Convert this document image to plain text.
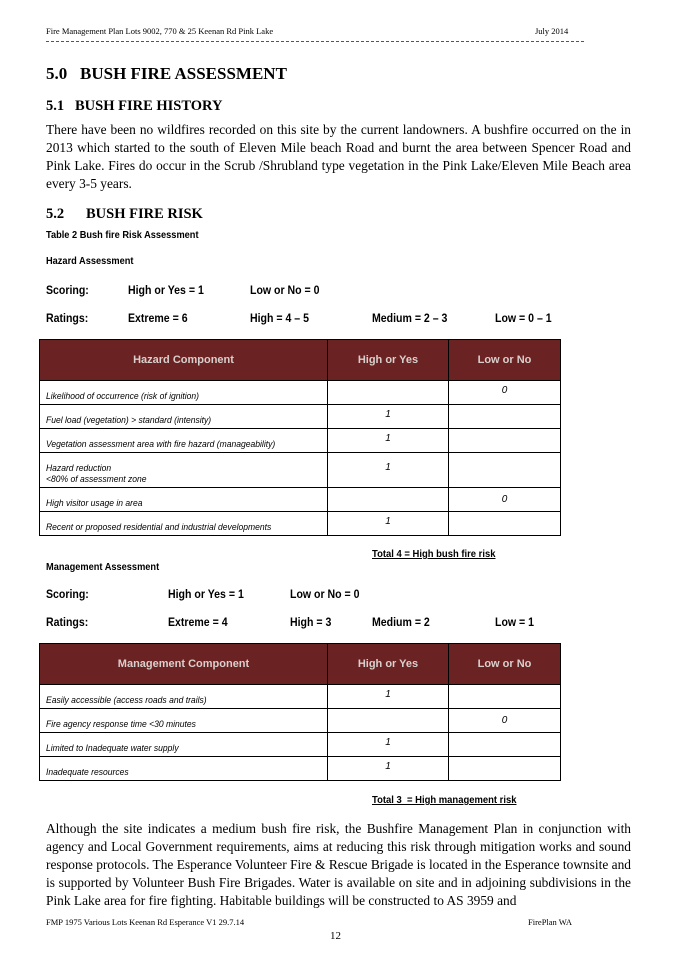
Fire Management Plan Lots 9002, 770 & 25 Keenan Rd Pink Lake	July 2014
5.0   BUSH FIRE ASSESSMENT
5.1   BUSH FIRE HISTORY

There have been no wildfires recorded on this site by the current landowners. A bushfire occurred on the in 2013 which started to the south of Eleven Mile beach Road and burnt the area between Spencer Road and Pink Lake. Fires do occur in the Scrub /Shrubland type vegetation in the Pink Lake/Eleven Mile Beach area every 3-5 years.

5.2 BUSH FIRE RISK
Table 2 Bush fire Risk Assessment
Hazard Assessment
Scoring:	High or Yes = 1	Low or No = 0
Ratings:	Extreme = 6	High = 4 – 5	Medium = 2 – 3	Low = 0 – 1
Hazard Component	High or Yes	Low or No
Likelihood of occurrence (risk of ignition)		0
Fuel load (vegetation) > standard (intensity)	1	
Vegetation assessment area with fire hazard (manageability)	1	
Hazard reduction
<80% of assessment zone	1	
High visitor usage in area		0
Recent or proposed residential and industrial developments	1	
Total 4 = High bush fire risk
Management Assessment
Scoring:	High or Yes = 1	Low or No = 0
Ratings:	Extreme = 4	High = 3	Medium = 2	Low = 1
Management Component	High or Yes	Low or No
Easily accessible (access roads and trails)	1	
Fire agency response time <30 minutes		0
Limited to Inadequate water supply	1	
Inadequate resources	1	
Total 3  = High management risk

Although the site indicates a medium bush fire risk, the Bushfire Management Plan in conjunction with agency and Local Government requirements, aims at reducing this risk through mitigation works and sound response protocols. The Esperance Volunteer Fire & Rescue Brigade is located in the Esperance townsite and is supported by Volunteer Bush Fire Brigades. Water is available on site and in adjoining subdivisions in the Pink Lake area for fire fighting. Habitable buildings will be constructed to AS 3959 and

FMP 1975 Various Lots Keenan Rd Esperance V1 29.7.14	FirePlan WA
12
